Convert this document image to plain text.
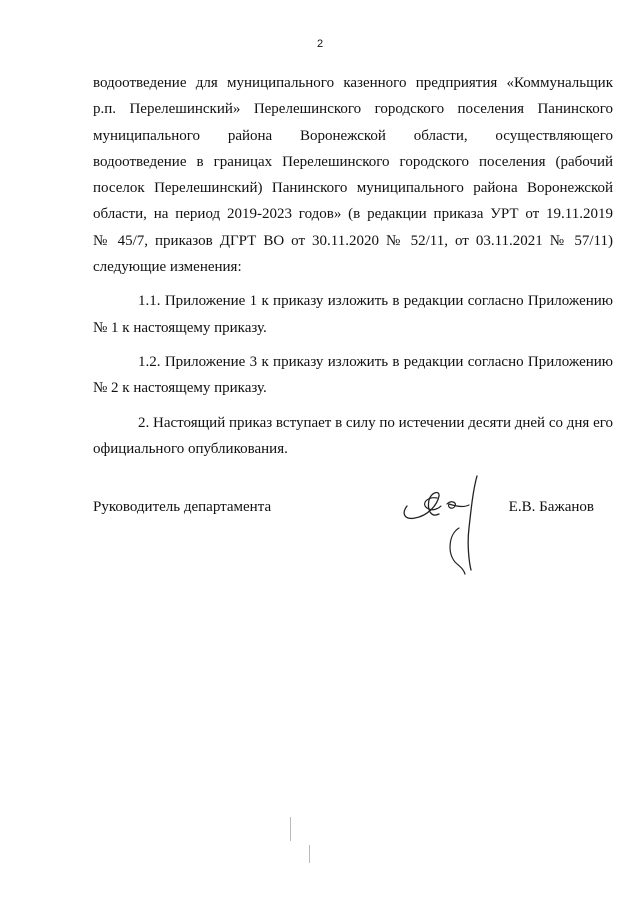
2

водоотведение для муниципального казенного предприятия «Коммунальщик
р.п. Перелешинский» Перелешинского городского поселения Панинского
муниципального района Воронежской области, осуществляющего
водоотведение в границах Перелешинского городского поселения (рабочий
поселок Перелешинский) Панинского муниципального района Воронежской
области, на период 2019-2023 годов» (в редакции приказа УРТ от 19.11.2019
№ 45/7, приказов ДГРТ ВО от 30.11.2020 № 52/11, от 03.11.2021 № 57/11)
следующие изменения:

1.1. Приложение 1 к приказу изложить в редакции согласно Приложению № 1 к настоящему приказу.

1.2. Приложение 3 к приказу изложить в редакции согласно Приложению № 2 к настоящему приказу.

2. Настоящий приказ вступает в силу по истечении десяти дней со дня его официального опубликования.

Руководитель департамента	Е.В. Бажанов
